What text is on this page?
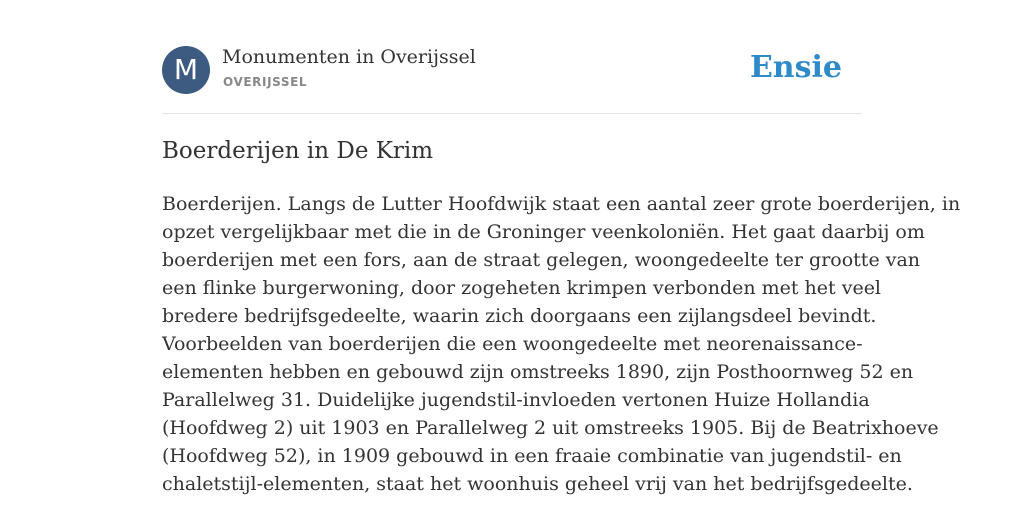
M	Monumenten in Overijssel
OVERIJSSEL	Ensie
Boerderijen in De Krim
Boerderijen. Langs de Lutter Hoofdwijk staat een aantal zeer grote boerderijen, in
opzet vergelijkbaar met die in de Groninger veenkoloniën. Het gaat daarbij om
boerderijen met een fors, aan de straat gelegen, woongedeelte ter grootte van
een flinke burgerwoning, door zogeheten krimpen verbonden met het veel
bredere bedrijfsgedeelte, waarin zich doorgaans een zijlangsdeel bevindt.
Voorbeelden van boerderijen die een woongedeelte met neorenaissance-
elementen hebben en gebouwd zijn omstreeks 1890, zijn Posthoornweg 52 en
Parallelweg 31. Duidelijke jugendstil-invloeden vertonen Huize Hollandia
(Hoofdweg 2) uit 1903 en Parallelweg 2 uit omstreeks 1905. Bij de Beatrixhoeve
(Hoofdweg 52), in 1909 gebouwd in een fraaie combinatie van jugendstil- en
chaletstijl-elementen, staat het woonhuis geheel vrij van het bedrijfsgedeelte.
